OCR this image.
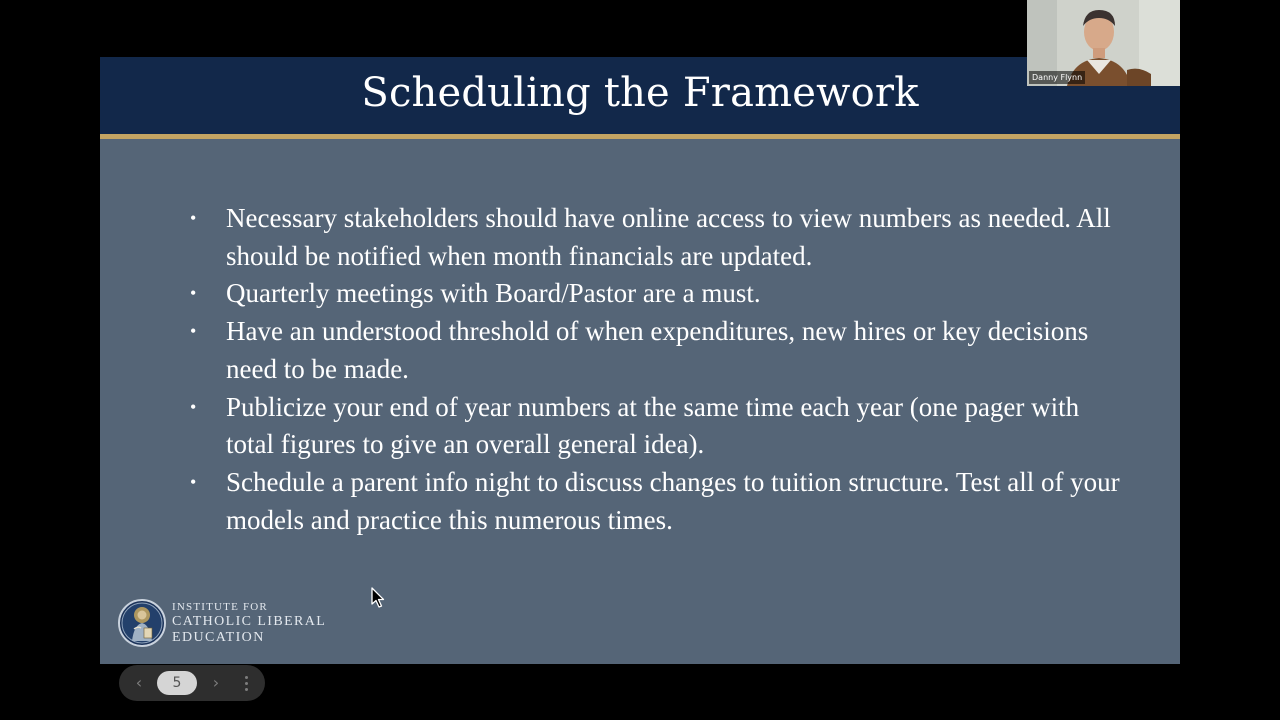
Scheduling the Framework
• Necessary stakeholders should have online access to view numbers as needed. All should be notified when month financials are updated.
• Quarterly meetings with Board/Pastor are a must.
• Have an understood threshold of when expenditures, new hires or key decisions need to be made.
• Publicize your end of year numbers at the same time each year (one pager with total figures to give an overall general idea).
• Schedule a parent info night to discuss changes to tuition structure. Test all of your models and practice this numerous times.
INSTITUTE FOR
CATHOLIC LIBERAL
EDUCATION
‹	5	›
Danny Flynn
